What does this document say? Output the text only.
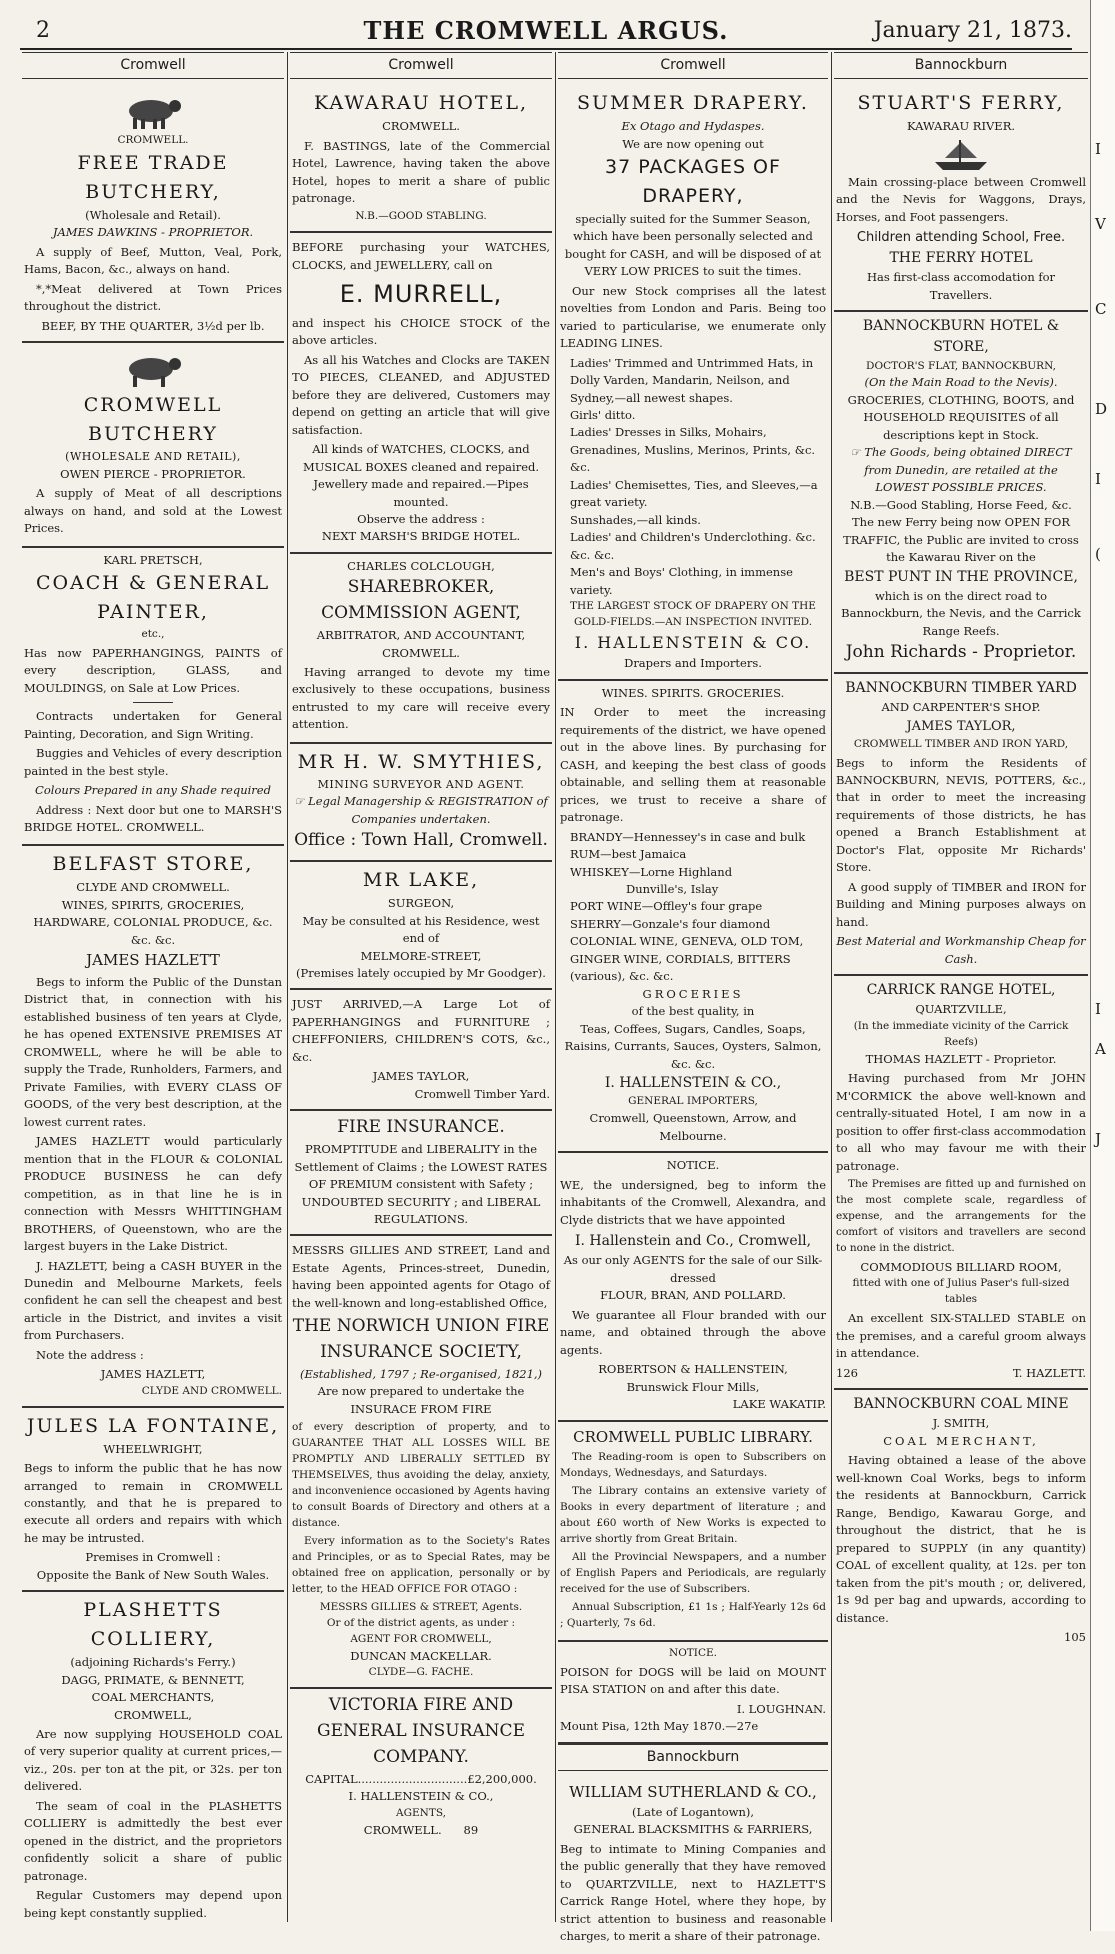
2	THE CROMWELL ARGUS.	January 21, 1873.
Cromwell
CROMWELL.
FREE TRADE BUTCHERY,
(Wholesale and Retail).
JAMES DAWKINS - PROPRIETOR.

A supply of Beef, Mutton, Veal, Pork, Hams, Bacon, &c., always on hand.

*,*Meat delivered at Town Prices throughout the district.

BEEF, BY THE QUARTER, 3½d per lb.
CROMWELL BUTCHERY
(WHOLESALE AND RETAIL),
OWEN PIERCE - PROPRIETOR.

A supply of Meat of all descriptions always on hand, and sold at the Lowest Prices.

KARL PRETSCH,
COACH & GENERAL PAINTER,
etc.,

Has now PAPERHANGINGS, PAINTS of every description, GLASS, and MOULDINGS, on Sale at Low Prices.

Contracts undertaken for General Painting, Decoration, and Sign Writing.

Buggies and Vehicles of every description painted in the best style.

Colours Prepared in any Shade required

Address : Next door but one to MARSH'S BRIDGE HOTEL. CROMWELL.

BELFAST STORE,
CLYDE AND CROMWELL.
WINES, SPIRITS, GROCERIES, HARDWARE, COLONIAL PRODUCE, &c. &c. &c.
JAMES HAZLETT

Begs to inform the Public of the Dunstan District that, in connection with his established business of ten years at Clyde, he has opened EXTENSIVE PREMISES AT CROMWELL, where he will be able to supply the Trade, Runholders, Farmers, and Private Families, with EVERY CLASS OF GOODS, of the very best description, at the lowest current rates.

JAMES HAZLETT would particularly mention that in the FLOUR & COLONIAL PRODUCE BUSINESS he can defy competition, as in that line he is in connection with Messrs WHITTINGHAM BROTHERS, of Queenstown, who are the largest buyers in the Lake District.

J. HAZLETT, being a CASH BUYER in the Dunedin and Melbourne Markets, feels confident he can sell the cheapest and best article in the District, and invites a visit from Purchasers.

Note the address :

JAMES HAZLETT,
CLYDE AND CROMWELL.
JULES LA FONTAINE,
WHEELWRIGHT,

Begs to inform the public that he has now arranged to remain in CROMWELL constantly, and that he is prepared to execute all orders and repairs with which he may be intrusted.

Premises in Cromwell :
Opposite the Bank of New South Wales.
PLASHETTS COLLIERY,
(adjoining Richards's Ferry.)
DAGG, PRIMATE, & BENNETT,
COAL MERCHANTS,
CROMWELL,

Are now supplying HOUSEHOLD COAL of very superior quality at current prices,—viz., 20s. per ton at the pit, or 32s. per ton delivered.

The seam of coal in the PLASHETTS COLLIERY is admittedly the best ever opened in the district, and the proprietors confidently solicit a share of public patronage.

Regular Customers may depend upon being kept constantly supplied.

Cromwell
KAWARAU HOTEL,
CROMWELL.

F. BASTINGS, late of the Commercial Hotel, Lawrence, having taken the above Hotel, hopes to merit a share of public patronage.

N.B.—GOOD STABLING.

BEFORE purchasing your WATCHES, CLOCKS, and JEWELLERY, call on

E. MURRELL,

and inspect his CHOICE STOCK of the above articles.

As all his Watches and Clocks are TAKEN TO PIECES, CLEANED, and ADJUSTED before they are delivered, Customers may depend on getting an article that will give satisfaction.

All kinds of WATCHES, CLOCKS, and MUSICAL BOXES cleaned and repaired.
Jewellery made and repaired.—Pipes mounted.
Observe the address :
NEXT MARSH'S BRIDGE HOTEL.
CHARLES COLCLOUGH,
SHAREBROKER, COMMISSION AGENT,
ARBITRATOR, AND ACCOUNTANT,
CROMWELL.

Having arranged to devote my time exclusively to these occupations, business entrusted to my care will receive every attention.

MR H. W. SMYTHIES,
MINING SURVEYOR AND AGENT.
☞ Legal Managership & REGISTRATION of Companies undertaken.
Office : Town Hall, Cromwell.
MR LAKE,
SURGEON,
May be consulted at his Residence, west end of
MELMORE-STREET,
(Premises lately occupied by Mr Goodger).

JUST ARRIVED,—A Large Lot of PAPERHANGINGS and FURNITURE ; CHEFFONIERS, CHILDREN'S COTS, &c., &c.

JAMES TAYLOR,
Cromwell Timber Yard.
FIRE INSURANCE.
PROMPTITUDE and LIBERALITY in the Settlement of Claims ; the LOWEST RATES OF PREMIUM consistent with Safety ; UNDOUBTED SECURITY ; and LIBERAL REGULATIONS.

MESSRS GILLIES AND STREET, Land and Estate Agents, Princes-street, Dunedin, having been appointed agents for Otago of the well-known and long-established Office,

THE NORWICH UNION FIRE INSURANCE SOCIETY,
(Established, 1797 ; Re-organised, 1821,)
Are now prepared to undertake the
INSURACE FROM FIRE

of every description of property, and to GUARANTEE THAT ALL LOSSES WILL BE PROMPTLY AND LIBERALLY SETTLED BY THEMSELVES, thus avoiding the delay, anxiety, and inconvenience occasioned by Agents having to consult Boards of Directory and others at a distance.

Every information as to the Society's Rates and Principles, or as to Special Rates, may be obtained free on application, personally or by letter, to the HEAD OFFICE FOR OTAGO :

MESSRS GILLIES & STREET, Agents.
Or of the district agents, as under :
AGENT FOR CROMWELL,
DUNCAN MACKELLAR.
CLYDE—G. FACHE.
VICTORIA FIRE AND GENERAL INSURANCE COMPANY.
CAPITAL..............................£2,200,000.
I. HALLENSTEIN & CO.,
AGENTS,
CROMWELL. 89
Cromwell
SUMMER DRAPERY.
Ex Otago and Hydaspes.
We are now opening out
37 PACKAGES OF DRAPERY,
specially suited for the Summer Season, which have been personally selected and bought for CASH, and will be disposed of at VERY LOW PRICES to suit the times.

Our new Stock comprises all the latest novelties from London and Paris. Being too varied to particularise, we enumerate only LEADING LINES.

Ladies' Trimmed and Untrimmed Hats, in Dolly Varden, Mandarin, Neilson, and Sydney,—all newest shapes.
Girls' ditto.
Ladies' Dresses in Silks, Mohairs, Grenadines, Muslins, Merinos, Prints, &c. &c.
Ladies' Chemisettes, Ties, and Sleeves,—a great variety.
Sunshades,—all kinds.
Ladies' and Children's Underclothing. &c. &c. &c.
Men's and Boys' Clothing, in immense variety.
THE LARGEST STOCK OF DRAPERY ON THE GOLD-FIELDS.—AN INSPECTION INVITED.
I. HALLENSTEIN & CO.
Drapers and Importers.
WINES. SPIRITS. GROCERIES.

IN Order to meet the increasing requirements of the district, we have opened out in the above lines. By purchasing for CASH, and keeping the best class of goods obtainable, and selling them at reasonable prices, we trust to receive a share of patronage.

BRANDY—Hennessey's in case and bulk
RUM—best Jamaica
WHISKEY—Lorne Highland
Dunville's, Islay
PORT WINE—Offley's four grape
SHERRY—Gonzale's four diamond
COLONIAL WINE, GENEVA, OLD TOM, GINGER WINE, CORDIALS, BITTERS (various), &c. &c.
GROCERIES
of the best quality, in
Teas, Coffees, Sugars, Candles, Soaps, Raisins, Currants, Sauces, Oysters, Salmon, &c. &c.
I. HALLENSTEIN & CO.,
GENERAL IMPORTERS,
Cromwell, Queenstown, Arrow, and Melbourne.
NOTICE.

WE, the undersigned, beg to inform the inhabitants of the Cromwell, Alexandra, and Clyde districts that we have appointed

I. Hallenstein and Co., Cromwell,
As our only AGENTS for the sale of our Silk-dressed
FLOUR, BRAN, AND POLLARD.

We guarantee all Flour branded with our name, and obtained through the above agents.

ROBERTSON & HALLENSTEIN,
Brunswick Flour Mills,
LAKE WAKATIP.
CROMWELL PUBLIC LIBRARY.

The Reading-room is open to Subscribers on Mondays, Wednesdays, and Saturdays.

The Library contains an extensive variety of Books in every department of literature ; and about £60 worth of New Works is expected to arrive shortly from Great Britain.

All the Provincial Newspapers, and a number of English Papers and Periodicals, are regularly received for the use of Subscribers.

Annual Subscription, £1 1s ; Half-Yearly 12s 6d ; Quarterly, 7s 6d.

NOTICE.

POISON for DOGS will be laid on MOUNT PISA STATION on and after this date.

I. LOUGHNAN.
Mount Pisa, 12th May 1870.—27e
Bannockburn
WILLIAM SUTHERLAND & CO.,
(Late of Logantown),
GENERAL BLACKSMITHS & FARRIERS,

Beg to intimate to Mining Companies and the public generally that they have removed to QUARTZVILLE, next to HAZLETT'S Carrick Range Hotel, where they hope, by strict attention to business and reasonable charges, to merit a share of their patronage.

Bannockburn
STUART'S FERRY,
KAWARAU RIVER.

Main crossing-place between Cromwell and the Nevis for Waggons, Drays, Horses, and Foot passengers.

Children attending School, Free.
THE FERRY HOTEL
Has first-class accomodation for Travellers.
BANNOCKBURN HOTEL & STORE,
DOCTOR'S FLAT, BANNOCKBURN,
(On the Main Road to the Nevis).
GROCERIES, CLOTHING, BOOTS, and HOUSEHOLD REQUISITES of all descriptions kept in Stock.
☞ The Goods, being obtained DIRECT from Dunedin, are retailed at the LOWEST POSSIBLE PRICES.
N.B.—Good Stabling, Horse Feed, &c.
The new Ferry being now OPEN FOR TRAFFIC, the Public are invited to cross the Kawarau River on the
BEST PUNT IN THE PROVINCE,
which is on the direct road to Bannockburn, the Nevis, and the Carrick Range Reefs.
John Richards - Proprietor.
BANNOCKBURN TIMBER YARD
AND CARPENTER'S SHOP.
JAMES TAYLOR,
CROMWELL TIMBER AND IRON YARD,

Begs to inform the Residents of BANNOCKBURN, NEVIS, POTTERS, &c., that in order to meet the increasing requirements of those districts, he has opened a Branch Establishment at Doctor's Flat, opposite Mr Richards' Store.

A good supply of TIMBER and IRON for Building and Mining purposes always on hand.

Best Material and Workmanship Cheap for Cash.
CARRICK RANGE HOTEL,
QUARTZVILLE,
(In the immediate vicinity of the Carrick Reefs)
THOMAS HAZLETT - Proprietor.

Having purchased from Mr JOHN M'CORMICK the above well-known and centrally-situated Hotel, I am now in a position to offer first-class accommodation to all who may favour me with their patronage.

The Premises are fitted up and furnished on the most complete scale, regardless of expense, and the arrangements for the comfort of visitors and travellers are second to none in the district.

COMMODIOUS BILLIARD ROOM,
fitted with one of Julius Paser's full-sized tables

An excellent SIX-STALLED STABLE on the premises, and a careful groom always in attendance.

126	T. HAZLETT.
BANNOCKBURN COAL MINE
J. SMITH,
COAL MERCHANT,

Having obtained a lease of the above well-known Coal Works, begs to inform the residents at Bannockburn, Carrick Range, Bendigo, Kawarau Gorge, and throughout the district, that he is prepared to SUPPLY (in any quantity) COAL of excellent quality, at 12s. per ton taken from the pit's mouth ; or, delivered, 1s 9d per bag and upwards, according to distance.

105
I
V
C
D
I
(
I
A
J
